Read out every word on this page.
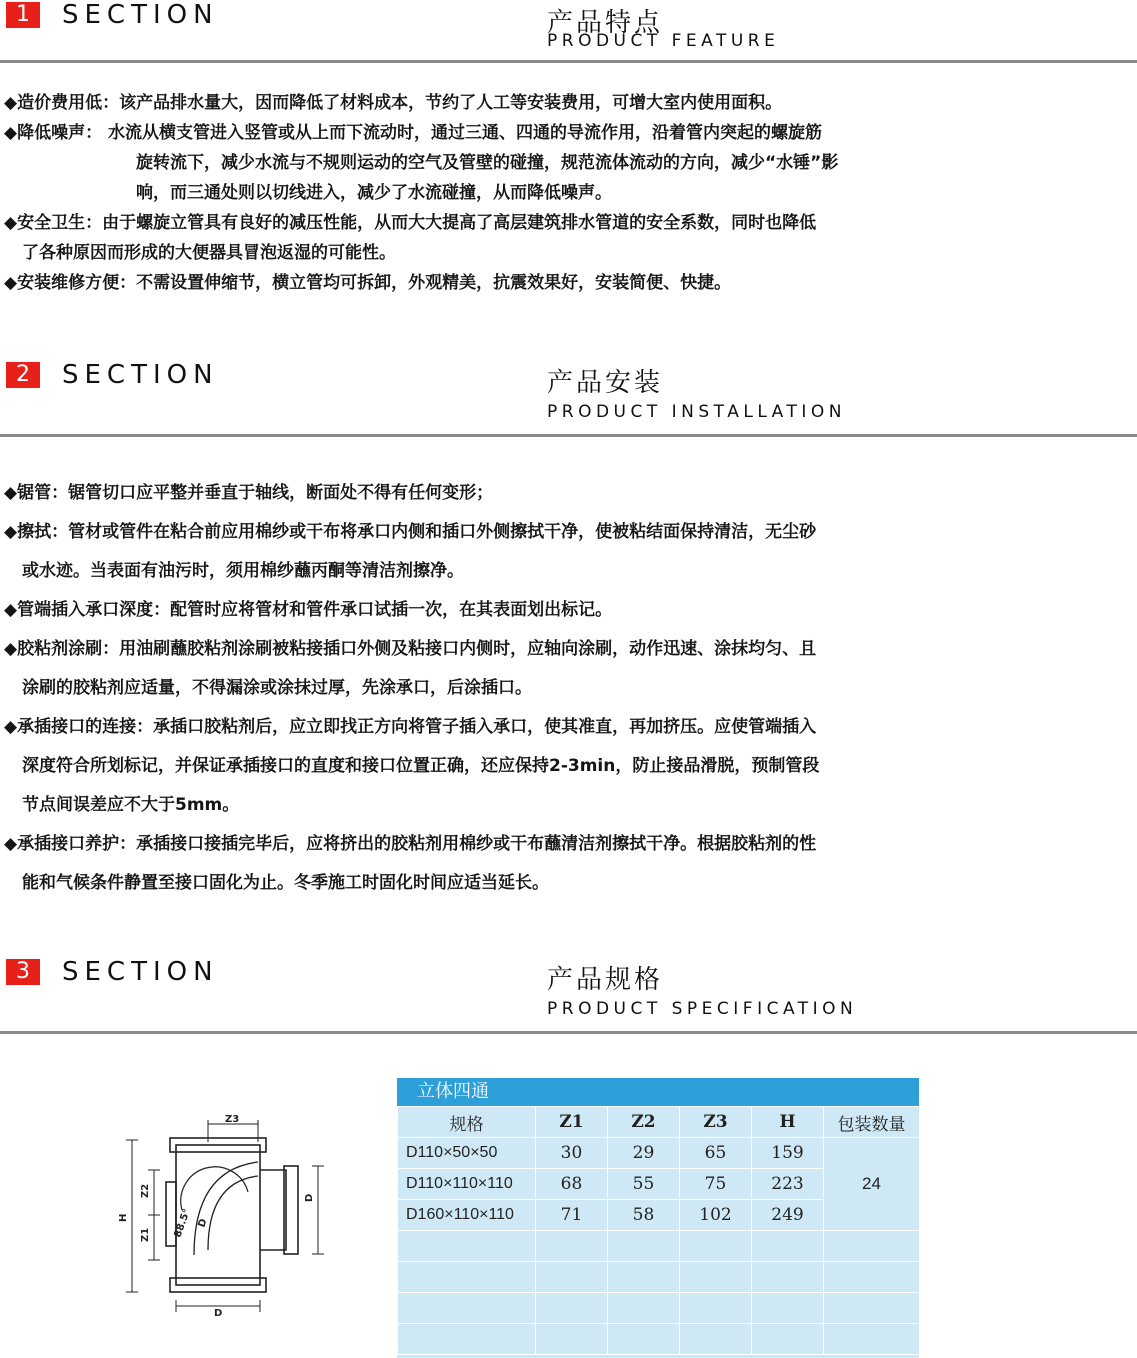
1	SECTION	产品特点
PRODUCT FEATURE

◆造价费用低：该产品排水量大，因而降低了材料成本，节约了人工等安装费用，可增大室内使用面积。

◆降低噪声： 水流从横支管进入竖管或从上而下流动时，通过三通、四通的导流作用，沿着管内突起的螺旋筋

旋转流下，减少水流与不规则运动的空气及管壁的碰撞，规范流体流动的方向，减少“水锤”影

响，而三通处则以切线进入，减少了水流碰撞，从而降低噪声。

◆安全卫生：由于螺旋立管具有良好的减压性能，从而大大提高了高层建筑排水管道的安全系数，同时也降低

了各种原因而形成的大便器具冒泡返湿的可能性。

◆安装维修方便：不需设置伸缩节，横立管均可拆卸，外观精美，抗震效果好，安装简便、快捷。

2	SECTION	产品安装
PRODUCT INSTALLATION

◆锯管：锯管切口应平整并垂直于轴线，断面处不得有任何变形；

◆擦拭：管材或管件在粘合前应用棉纱或干布将承口内侧和插口外侧擦拭干净，使被粘结面保持清洁，无尘砂

或水迹。当表面有油污时，须用棉纱蘸丙酮等清洁剂擦净。

◆管端插入承口深度：配管时应将管材和管件承口试插一次，在其表面划出标记。

◆胶粘剂涂刷：用油刷蘸胶粘剂涂刷被粘接插口外侧及粘接口内侧时，应轴向涂刷，动作迅速、涂抹均匀、且

涂刷的胶粘剂应适量，不得漏涂或涂抹过厚，先涂承口，后涂插口。

◆承插接口的连接：承插口胶粘剂后，应立即找正方向将管子插入承口，使其准直，再加挤压。应使管端插入

深度符合所划标记，并保证承插接口的直度和接口位置正确，还应保持2-3min，防止接品滑脱，预制管段

节点间误差应不大于5mm。

◆承插接口养护：承插接口接插完毕后，应将挤出的胶粘剂用棉纱或干布蘸清洁剂擦拭干净。根据胶粘剂的性

能和气候条件静置至接口固化为止。冬季施工时固化时间应适当延长。

3	SECTION	产品规格
PRODUCT SPECIFICATION
Z3
Z2
Z1
H
D
D
88.5°
D
立体四通
规格	Z1	Z2	Z3	H	包装数量
D110×50×50	30	29	65	159	24
D110×110×110	68	55	75	223	
D160×110×110	71	58	102	249	
